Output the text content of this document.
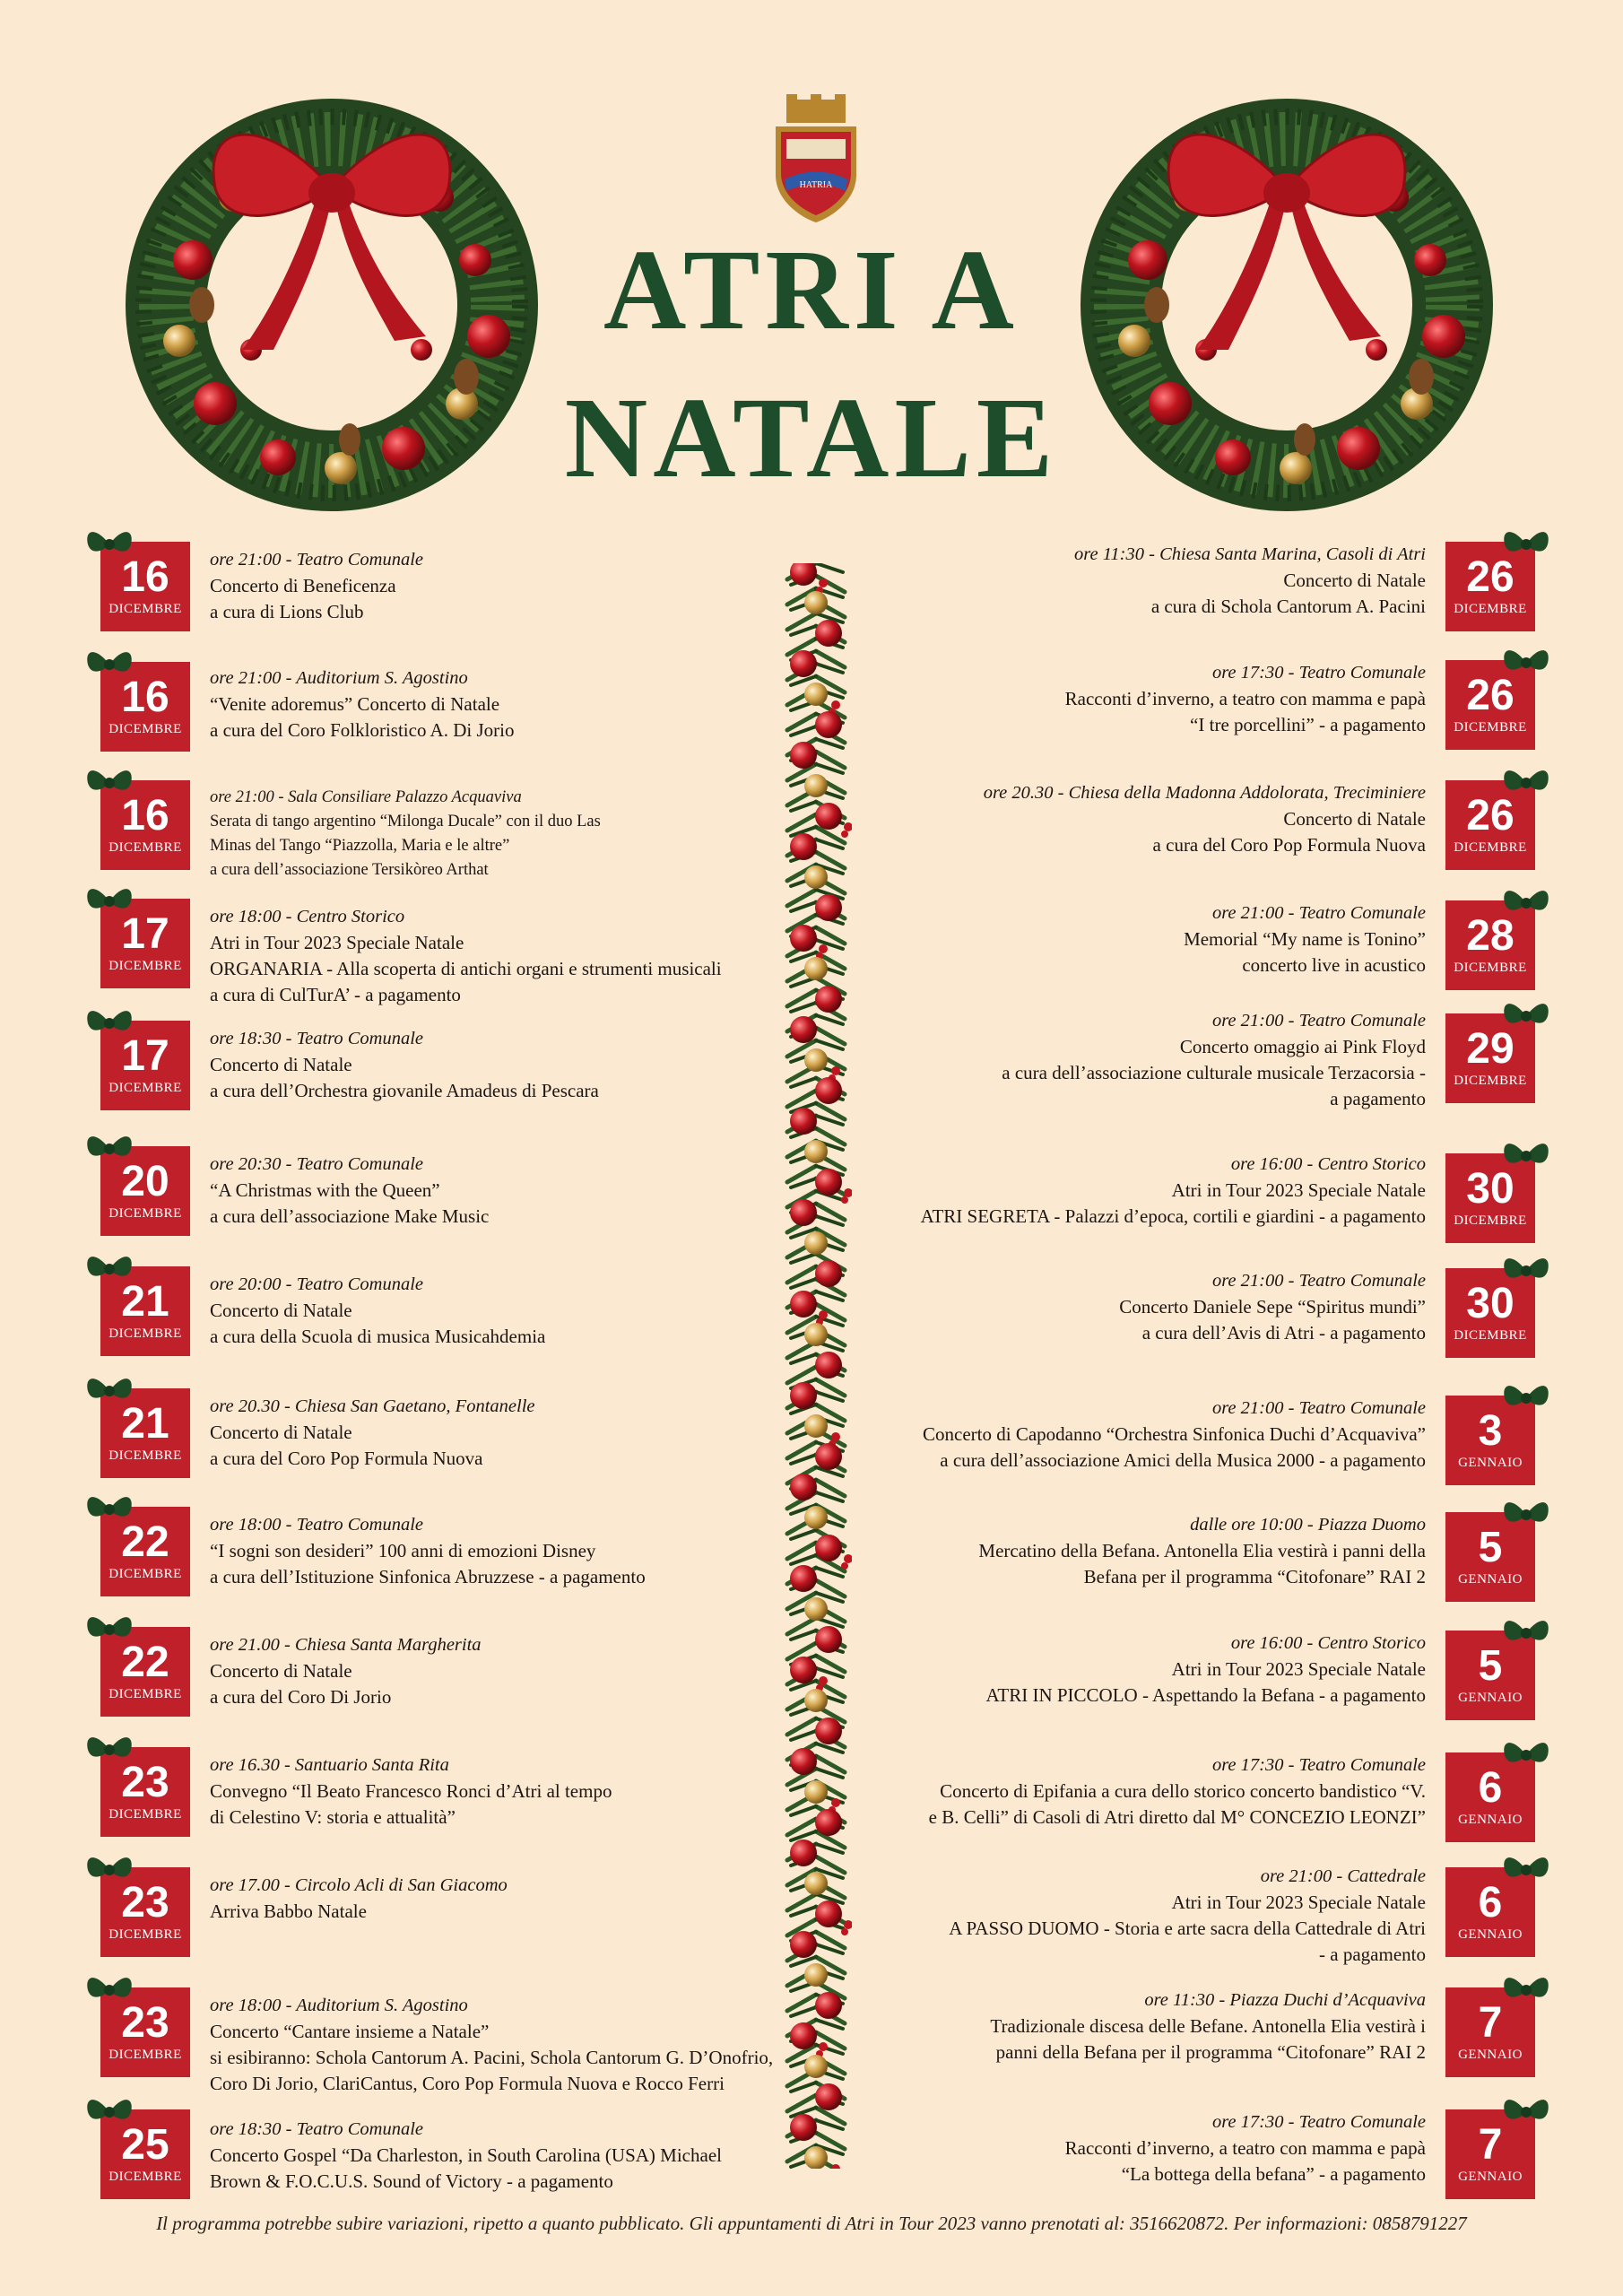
HATRIA
ATRI A
NATALE
16
DICEMBRE
ore 21:00 - Teatro Comunale
Concerto di Beneficenza
a cura di Lions Club
16
DICEMBRE
ore 21:00 - Auditorium S. Agostino
“Venite adoremus” Concerto di Natale
a cura del Coro Folkloristico A. Di Jorio
16
DICEMBRE
ore 21:00 - Sala Consiliare Palazzo Acquaviva
Serata di tango argentino “Milonga Ducale” con il duo Las
Minas del Tango “Piazzolla, Maria e le altre”
a cura dell’associazione Tersikòreo Arthat
17
DICEMBRE
ore 18:00 - Centro Storico
Atri in Tour 2023 Speciale Natale
ORGANARIA - Alla scoperta di antichi organi e strumenti musicali
a cura di CulTurA’ - a pagamento
17
DICEMBRE
ore 18:30 - Teatro Comunale
Concerto di Natale
a cura dell’Orchestra giovanile Amadeus di Pescara
20
DICEMBRE
ore 20:30 - Teatro Comunale
“A Christmas with the Queen”
a cura dell’associazione Make Music
21
DICEMBRE
ore 20:00 - Teatro Comunale
Concerto di Natale
a cura della Scuola di musica Musicahdemia
21
DICEMBRE
ore 20.30 - Chiesa San Gaetano, Fontanelle
Concerto di Natale
a cura del Coro Pop Formula Nuova
22
DICEMBRE
ore 18:00 - Teatro Comunale
“I sogni son desideri” 100 anni di emozioni Disney
a cura dell’Istituzione Sinfonica Abruzzese - a pagamento
22
DICEMBRE
ore 21.00 - Chiesa Santa Margherita
Concerto di Natale
a cura del Coro Di Jorio
23
DICEMBRE
ore 16.30 - Santuario Santa Rita
Convegno “Il Beato Francesco Ronci d’Atri al tempo
di Celestino V: storia e attualità”
23
DICEMBRE
ore 17.00 - Circolo Acli di San Giacomo
Arriva Babbo Natale
23
DICEMBRE
ore 18:00 - Auditorium S. Agostino
Concerto “Cantare insieme a Natale”
si esibiranno: Schola Cantorum A. Pacini, Schola Cantorum G. D’Onofrio,
Coro Di Jorio, ClariCantus, Coro Pop Formula Nuova e Rocco Ferri
25
DICEMBRE
ore 18:30 - Teatro Comunale
Concerto Gospel “Da Charleston, in South Carolina (USA) Michael
Brown & F.O.C.U.S. Sound of Victory - a pagamento
26
DICEMBRE
ore 11:30 - Chiesa Santa Marina, Casoli di Atri
Concerto di Natale
a cura di Schola Cantorum A. Pacini
26
DICEMBRE
ore 17:30 - Teatro Comunale
Racconti d’inverno, a teatro con mamma e papà
“I tre porcellini” - a pagamento
26
DICEMBRE
ore 20.30 - Chiesa della Madonna Addolorata, Treciminiere
Concerto di Natale
a cura del Coro Pop Formula Nuova
28
DICEMBRE
ore 21:00 - Teatro Comunale
Memorial “My name is Tonino”
concerto live in acustico
29
DICEMBRE
ore 21:00 - Teatro Comunale
Concerto omaggio ai Pink Floyd
a cura dell’associazione culturale musicale Terzacorsia -
a pagamento
30
DICEMBRE
ore 16:00 - Centro Storico
Atri in Tour 2023 Speciale Natale
ATRI SEGRETA - Palazzi d’epoca, cortili e giardini - a pagamento
30
DICEMBRE
ore 21:00 - Teatro Comunale
Concerto Daniele Sepe “Spiritus mundi”
a cura dell’Avis di Atri - a pagamento
3
GENNAIO
ore 21:00 - Teatro Comunale
Concerto di Capodanno “Orchestra Sinfonica Duchi d’Acquaviva”
a cura dell’associazione Amici della Musica 2000 - a pagamento
5
GENNAIO
dalle ore 10:00 - Piazza Duomo
Mercatino della Befana. Antonella Elia vestirà i panni della
Befana per il programma “Citofonare” RAI 2
5
GENNAIO
ore 16:00 - Centro Storico
Atri in Tour 2023 Speciale Natale
ATRI IN PICCOLO - Aspettando la Befana - a pagamento
6
GENNAIO
ore 17:30 - Teatro Comunale
Concerto di Epifania a cura dello storico concerto bandistico “V.
e B. Celli” di Casoli di Atri diretto dal M° CONCEZIO LEONZI”
6
GENNAIO
ore 21:00 - Cattedrale
Atri in Tour 2023 Speciale Natale
A PASSO DUOMO - Storia e arte sacra della Cattedrale di Atri
- a pagamento
7
GENNAIO
ore 11:30 - Piazza Duchi d’Acquaviva
Tradizionale discesa delle Befane. Antonella Elia vestirà i
panni della Befana per il programma “Citofonare” RAI 2
7
GENNAIO
ore 17:30 - Teatro Comunale
Racconti d’inverno, a teatro con mamma e papà
“La bottega della befana” - a pagamento
Il programma potrebbe subire variazioni, ripetto a quanto pubblicato. Gli appuntamenti di Atri in Tour 2023 vanno prenotati al: 3516620872. Per informazioni: 0858791227
